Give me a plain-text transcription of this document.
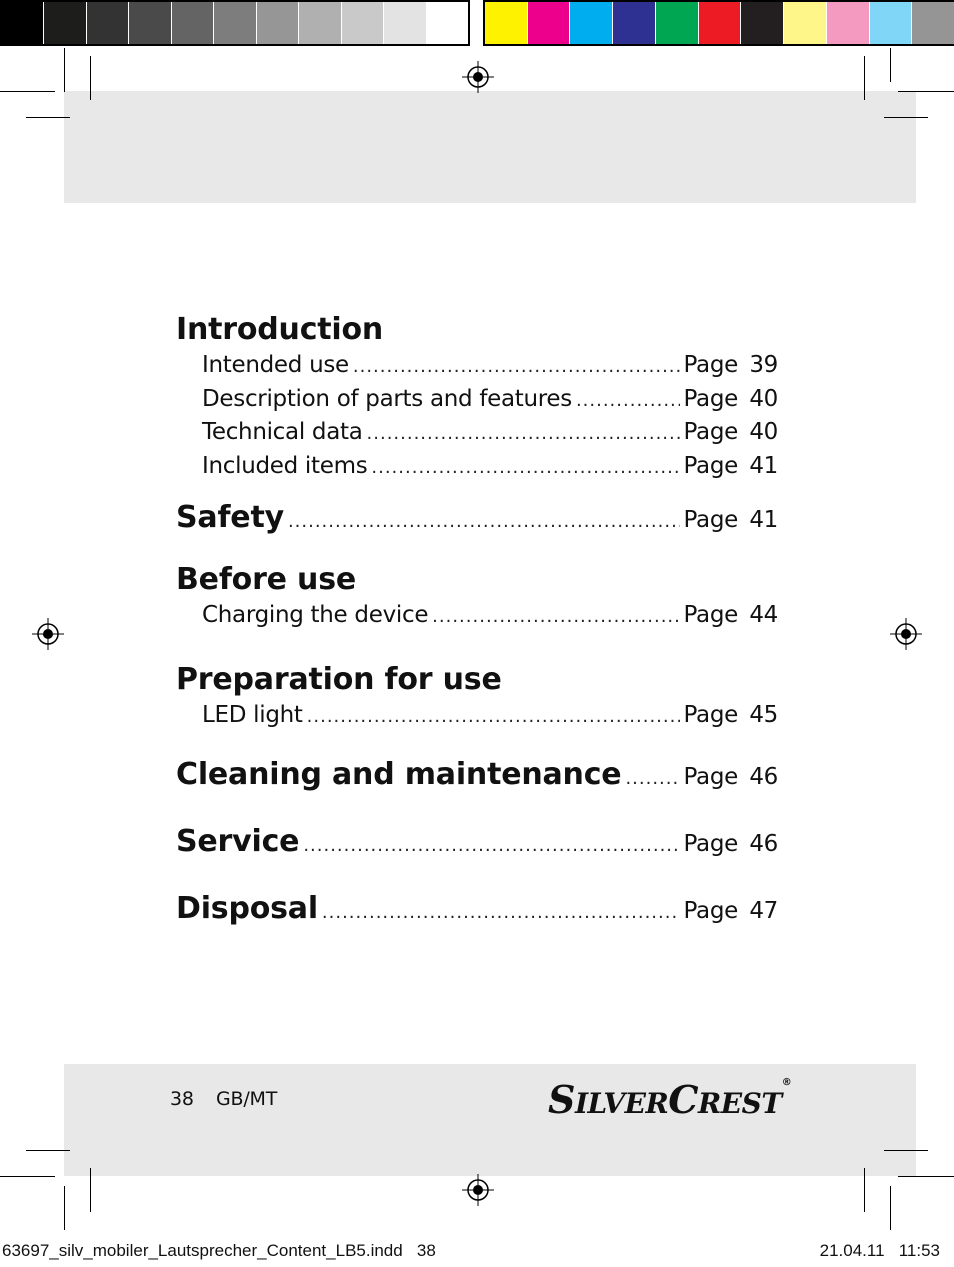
Introduction
Intended use .....	Page 39
Description of parts and features .....	Page 40
Technical data .....	Page 40
Included items .....	Page 41
Safety .....	Page 41
Before use
Charging the device .....	Page 44
Preparation for use
LED light .....	Page 45
Cleaning and maintenance .....	Page 46
Service .....	Page 46
Disposal .....	Page 47
38 GB/MT	SILVERCREST®
63697_silv_mobiler_Lautsprecher_Content_LB5.indd   38	21.04.11   11:53
